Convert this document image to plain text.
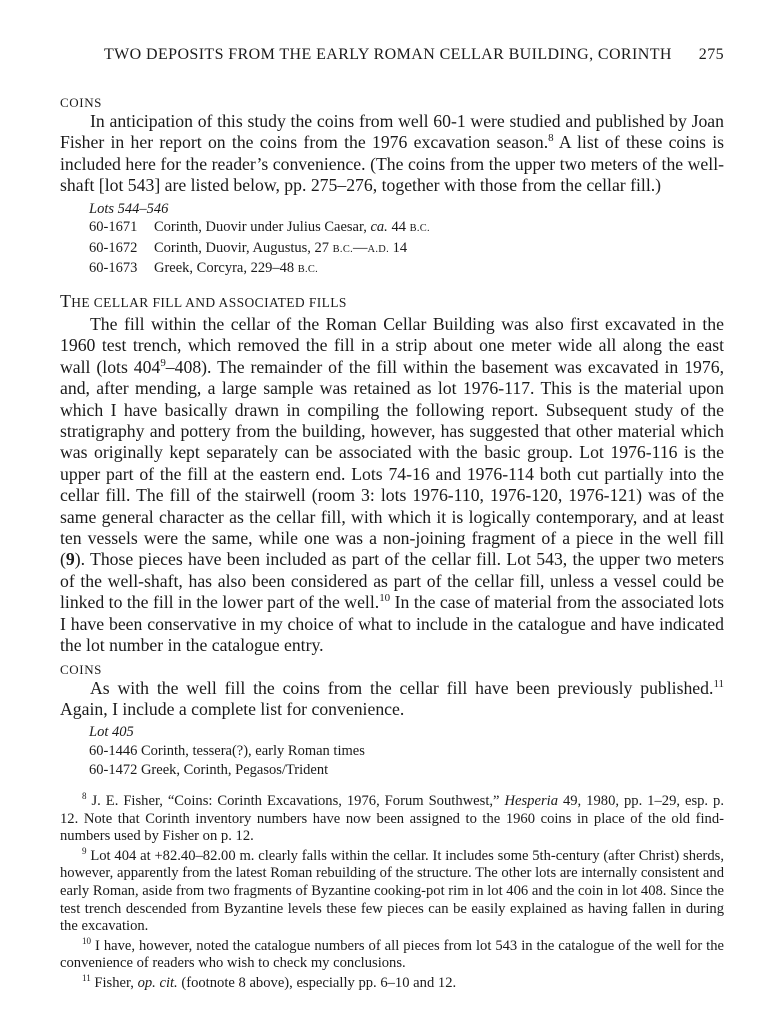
TWO DEPOSITS FROM THE EARLY ROMAN CELLAR BUILDING, CORINTH 275

COINS

In anticipation of this study the coins from well 60-1 were studied and published by Joan Fisher in her report on the coins from the 1976 excavation season.$^8$ A list of these coins is included here for the reader’s convenience. (The coins from the upper two meters of the well-shaft [lot 543] are listed below, pp. 275–276, together with those from the cellar fill.)

Lots 544–546
60-1671 Corinth, Duovir under Julius Caesar, ca. 44 B.C.
60-1672 Corinth, Duovir, Augustus, 27 B.C.—A.D. 14
60-1673 Greek, Corcyra, 229–48 B.C.

THE CELLAR FILL AND ASSOCIATED FILLS

The fill within the cellar of the Roman Cellar Building was also first excavated in the 1960 test trench, which removed the fill in a strip about one meter wide all along the east wall (lots $404^9-408$). The remainder of the fill within the basement was excavated in 1976, and, after mending, a large sample was retained as lot 1976-117. This is the material upon which I have basically drawn in compiling the following report. Subsequent study of the stratigraphy and pottery from the building, however, has suggested that other material which was originally kept separately can be associated with the basic group. Lot 1976-116 is the upper part of the fill at the eastern end. Lots 74-16 and 1976-114 both cut partially into the cellar fill. The fill of the stairwell (room 3: lots 1976-110, 1976-120, 1976-121) was of the same general character as the cellar fill, with which it is logically contemporary, and at least ten vessels were the same, while one was a non-joining fragment of a piece in the well fill (9). Those pieces have been included as part of the cellar fill. Lot 543, the upper two meters of the well-shaft, has also been considered as part of the cellar fill, unless a vessel could be linked to the fill in the lower part of the well.$^{10}$ In the case of material from the associated lots I have been conservative in my choice of what to include in the catalogue and have indicated the lot number in the catalogue entry.

COINS

As with the well fill the coins from the cellar fill have been previously published.$^{11}$ Again, I include a complete list for convenience.

Lot 405
60-1446 Corinth, tessera(?), early Roman times
60-1472 Greek, Corinth, Pegasos/Trident

$^8$ J. E. Fisher, “Coins: Corinth Excavations, 1976, Forum Southwest,” Hesperia 49, 1980, pp. 1–29, esp. p. 12. Note that Corinth inventory numbers have now been assigned to the 1960 coins in place of the old find-numbers used by Fisher on p. 12.

$^9$ Lot 404 at +82.40–82.00 m. clearly falls within the cellar. It includes some 5th-century (after Christ) sherds, however, apparently from the latest Roman rebuilding of the structure. The other lots are internally consistent and early Roman, aside from two fragments of Byzantine cooking-pot rim in lot 406 and the coin in lot 408. Since the test trench descended from Byzantine levels these few pieces can be easily explained as having fallen in during the excavation.

$^{10}$ I have, however, noted the catalogue numbers of all pieces from lot 543 in the catalogue of the well for the convenience of readers who wish to check my conclusions.

$^{11}$ Fisher, op. cit. (footnote 8 above), especially pp. 6–10 and 12.
